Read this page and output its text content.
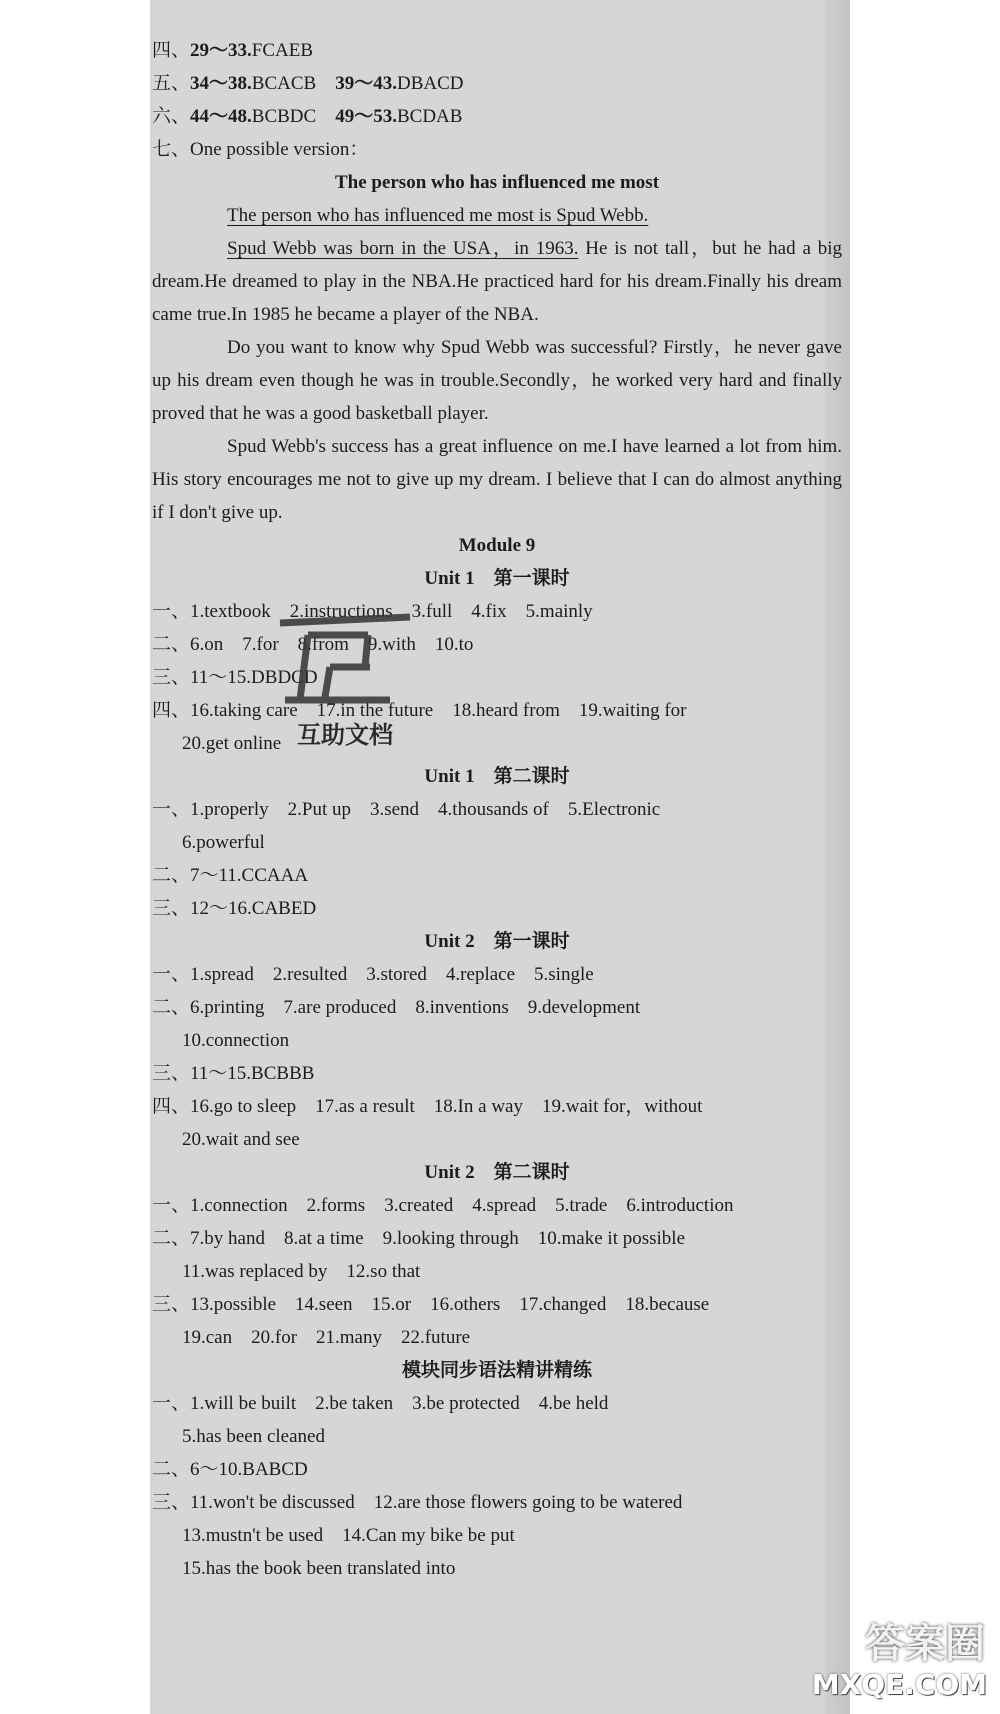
四、29～33.FCAEB
五、34～38.BCACB 39～43.DBACD
六、44～48.BCBDC 49～53.BCDAB
七、One possible version：
The person who has influenced me most
The person who has influenced me most is Spud Webb.
Spud Webb was born in the USA，in 1963. He is not tall，but he had a big dream.He dreamed to play in the NBA.He practiced hard for his dream.Finally his dream came true.In 1985 he became a player of the NBA.
Do you want to know why Spud Webb was successful? Firstly，he never gave up his dream even though he was in trouble.Secondly，he worked very hard and finally proved that he was a good basketball player.
Spud Webb's success has a great influence on me.I have learned a lot from him. His story encourages me not to give up my dream. I believe that I can do almost anything if I don't give up.
Module 9
Unit 1　第一课时
一、1.textbook　2.instructions　3.full　4.fix　5.mainly
二、6.on　7.for　8.from　9.with　10.to
三、11～15.DBDCD
四、16.taking care　17.in the future　18.heard from　19.waiting for
20.get online
Unit 1　第二课时
一、1.properly　2.Put up　3.send　4.thousands of　5.Electronic
6.powerful
二、7～11.CCAAA
三、12～16.CABED
Unit 2　第一课时
一、1.spread　2.resulted　3.stored　4.replace　5.single
二、6.printing　7.are produced　8.inventions　9.development
10.connection
三、11～15.BCBBB
四、16.go to sleep　17.as a result　18.In a way　19.wait for，without
20.wait and see
Unit 2　第二课时
一、1.connection　2.forms　3.created　4.spread　5.trade　6.introduction
二、7.by hand　8.at a time　9.looking through　10.make it possible
11.was replaced by　12.so that
三、13.possible　14.seen　15.or　16.others　17.changed　18.because
19.can　20.for　21.many　22.future
模块同步语法精讲精练
一、1.will be built　2.be taken　3.be protected　4.be held
5.has been cleaned
二、6～10.BABCD
三、11.won't be discussed　12.are those flowers going to be watered
13.mustn't be used　14.Can my bike be put
15.has the book been translated into
互助文档
答案圈
MXQE.COM
